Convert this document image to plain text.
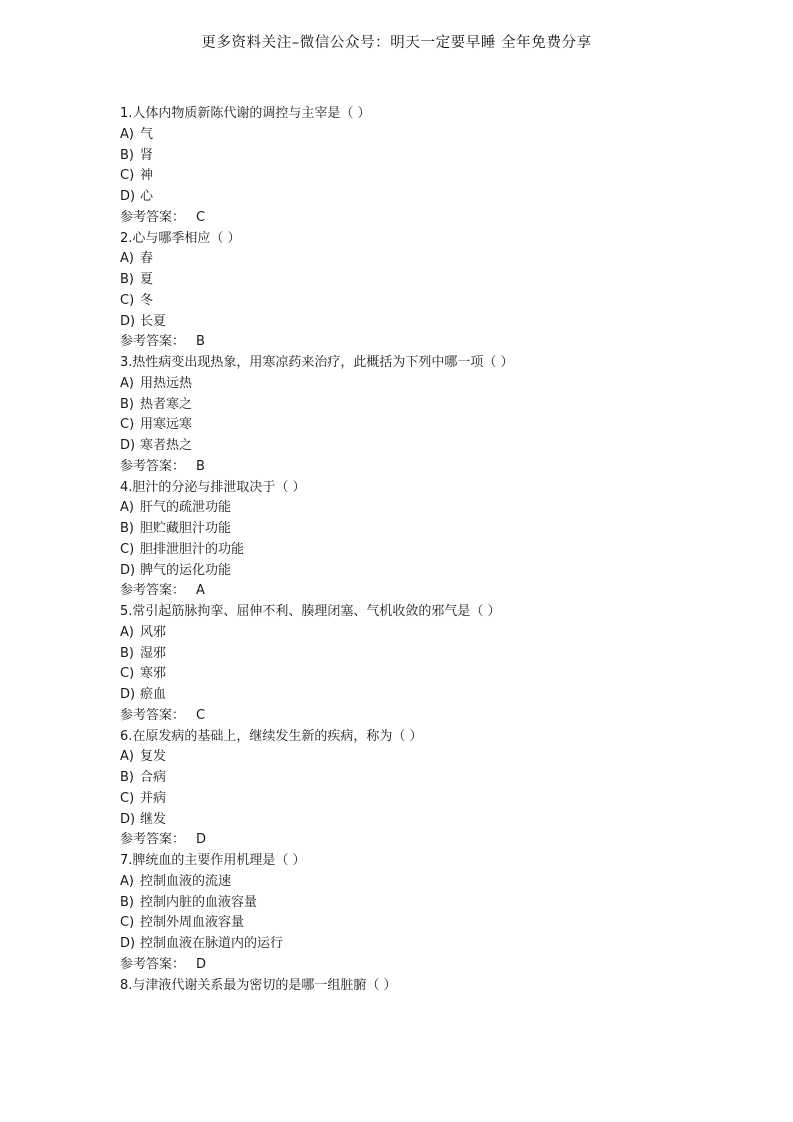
更多资料关注–微信公众号：明天一定要早睡 全年免费分享
1.人体内物质新陈代谢的调控与主宰是（ ）
A) 气
B) 肾
C) 神
D) 心
参考答案： C
2.心与哪季相应（ ）
A) 春
B) 夏
C) 冬
D) 长夏
参考答案： B
3.热性病变出现热象，用寒凉药来治疗，此概括为下列中哪一项（ ）
A) 用热远热
B) 热者寒之
C) 用寒远寒
D) 寒者热之
参考答案： B
4.胆汁的分泌与排泄取决于（ ）
A) 肝气的疏泄功能
B) 胆贮藏胆汁功能
C) 胆排泄胆汁的功能
D) 脾气的运化功能
参考答案： A
5.常引起筋脉拘挛、屈伸不利、腠理闭塞、气机收敛的邪气是（ ）
A) 风邪
B) 湿邪
C) 寒邪
D) 瘀血
参考答案： C
6.在原发病的基础上，继续发生新的疾病，称为（ ）
A) 复发
B) 合病
C) 并病
D) 继发
参考答案： D
7.脾统血的主要作用机理是（ ）
A) 控制血液的流速
B) 控制内脏的血液容量
C) 控制外周血液容量
D) 控制血液在脉道内的运行
参考答案： D
8.与津液代谢关系最为密切的是哪一组脏腑（ ）
